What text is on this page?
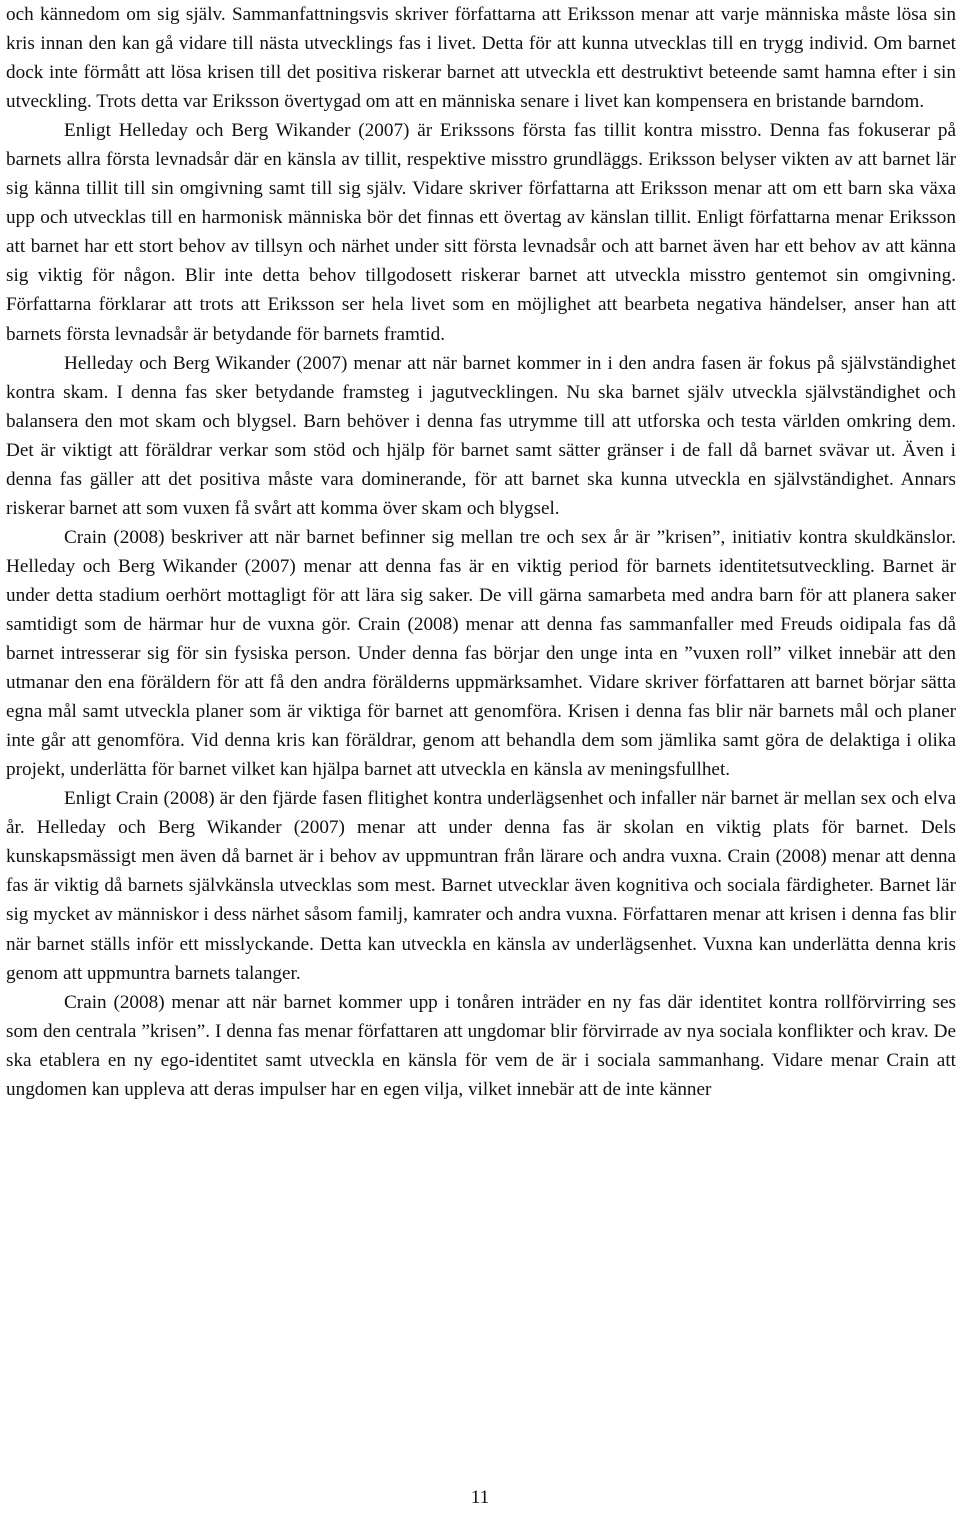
och kännedom om sig själv. Sammanfattningsvis skriver författarna att Eriksson menar att varje människa måste lösa sin kris innan den kan gå vidare till nästa utvecklings fas i livet. Detta för att kunna utvecklas till en trygg individ. Om barnet dock inte förmått att lösa krisen till det positiva riskerar barnet att utveckla ett destruktivt beteende samt hamna efter i sin utveckling. Trots detta var Eriksson övertygad om att en människa senare i livet kan kompensera en bristande barndom.

Enligt Helleday och Berg Wikander (2007) är Erikssons första fas tillit kontra misstro. Denna fas fokuserar på barnets allra första levnadsår där en känsla av tillit, respektive misstro grundläggs. Eriksson belyser vikten av att barnet lär sig känna tillit till sin omgivning samt till sig själv. Vidare skriver författarna att Eriksson menar att om ett barn ska växa upp och utvecklas till en harmonisk människa bör det finnas ett övertag av känslan tillit. Enligt författarna menar Eriksson att barnet har ett stort behov av tillsyn och närhet under sitt första levnadsår och att barnet även har ett behov av att känna sig viktig för någon. Blir inte detta behov tillgodosett riskerar barnet att utveckla misstro gentemot sin omgivning. Författarna förklarar att trots att Eriksson ser hela livet som en möjlighet att bearbeta negativa händelser, anser han att barnets första levnadsår är betydande för barnets framtid.

Helleday och Berg Wikander (2007) menar att när barnet kommer in i den andra fasen är fokus på självständighet kontra skam. I denna fas sker betydande framsteg i jagutvecklingen. Nu ska barnet själv utveckla självständighet och balansera den mot skam och blygsel. Barn behöver i denna fas utrymme till att utforska och testa världen omkring dem. Det är viktigt att föräldrar verkar som stöd och hjälp för barnet samt sätter gränser i de fall då barnet svävar ut. Även i denna fas gäller att det positiva måste vara dominerande, för att barnet ska kunna utveckla en självständighet. Annars riskerar barnet att som vuxen få svårt att komma över skam och blygsel.

Crain (2008) beskriver att när barnet befinner sig mellan tre och sex år är ”krisen”, initiativ kontra skuldkänslor. Helleday och Berg Wikander (2007) menar att denna fas är en viktig period för barnets identitetsutveckling. Barnet är under detta stadium oerhört mottagligt för att lära sig saker. De vill gärna samarbeta med andra barn för att planera saker samtidigt som de härmar hur de vuxna gör. Crain (2008) menar att denna fas sammanfaller med Freuds oidipala fas då barnet intresserar sig för sin fysiska person. Under denna fas börjar den unge inta en ”vuxen roll” vilket innebär att den utmanar den ena föräldern för att få den andra förälderns uppmärksamhet. Vidare skriver författaren att barnet börjar sätta egna mål samt utveckla planer som är viktiga för barnet att genomföra. Krisen i denna fas blir när barnets mål och planer inte går att genomföra. Vid denna kris kan föräldrar, genom att behandla dem som jämlika samt göra de delaktiga i olika projekt, underlätta för barnet vilket kan hjälpa barnet att utveckla en känsla av meningsfullhet.

Enligt Crain (2008) är den fjärde fasen flitighet kontra underlägsenhet och infaller när barnet är mellan sex och elva år. Helleday och Berg Wikander (2007) menar att under denna fas är skolan en viktig plats för barnet. Dels kunskapsmässigt men även då barnet är i behov av uppmuntran från lärare och andra vuxna. Crain (2008) menar att denna fas är viktig då barnets självkänsla utvecklas som mest. Barnet utvecklar även kognitiva och sociala färdigheter. Barnet lär sig mycket av människor i dess närhet såsom familj, kamrater och andra vuxna. Författaren menar att krisen i denna fas blir när barnet ställs inför ett misslyckande. Detta kan utveckla en känsla av underlägsenhet. Vuxna kan underlätta denna kris genom att uppmuntra barnets talanger.

Crain (2008) menar att när barnet kommer upp i tonåren inträder en ny fas där identitet kontra rollförvirring ses som den centrala ”krisen”. I denna fas menar författaren att ungdomar blir förvirrade av nya sociala konflikter och krav. De ska etablera en ny ego-identitet samt utveckla en känsla för vem de är i sociala sammanhang. Vidare menar Crain att ungdomen kan uppleva att deras impulser har en egen vilja, vilket innebär att de inte känner

11
